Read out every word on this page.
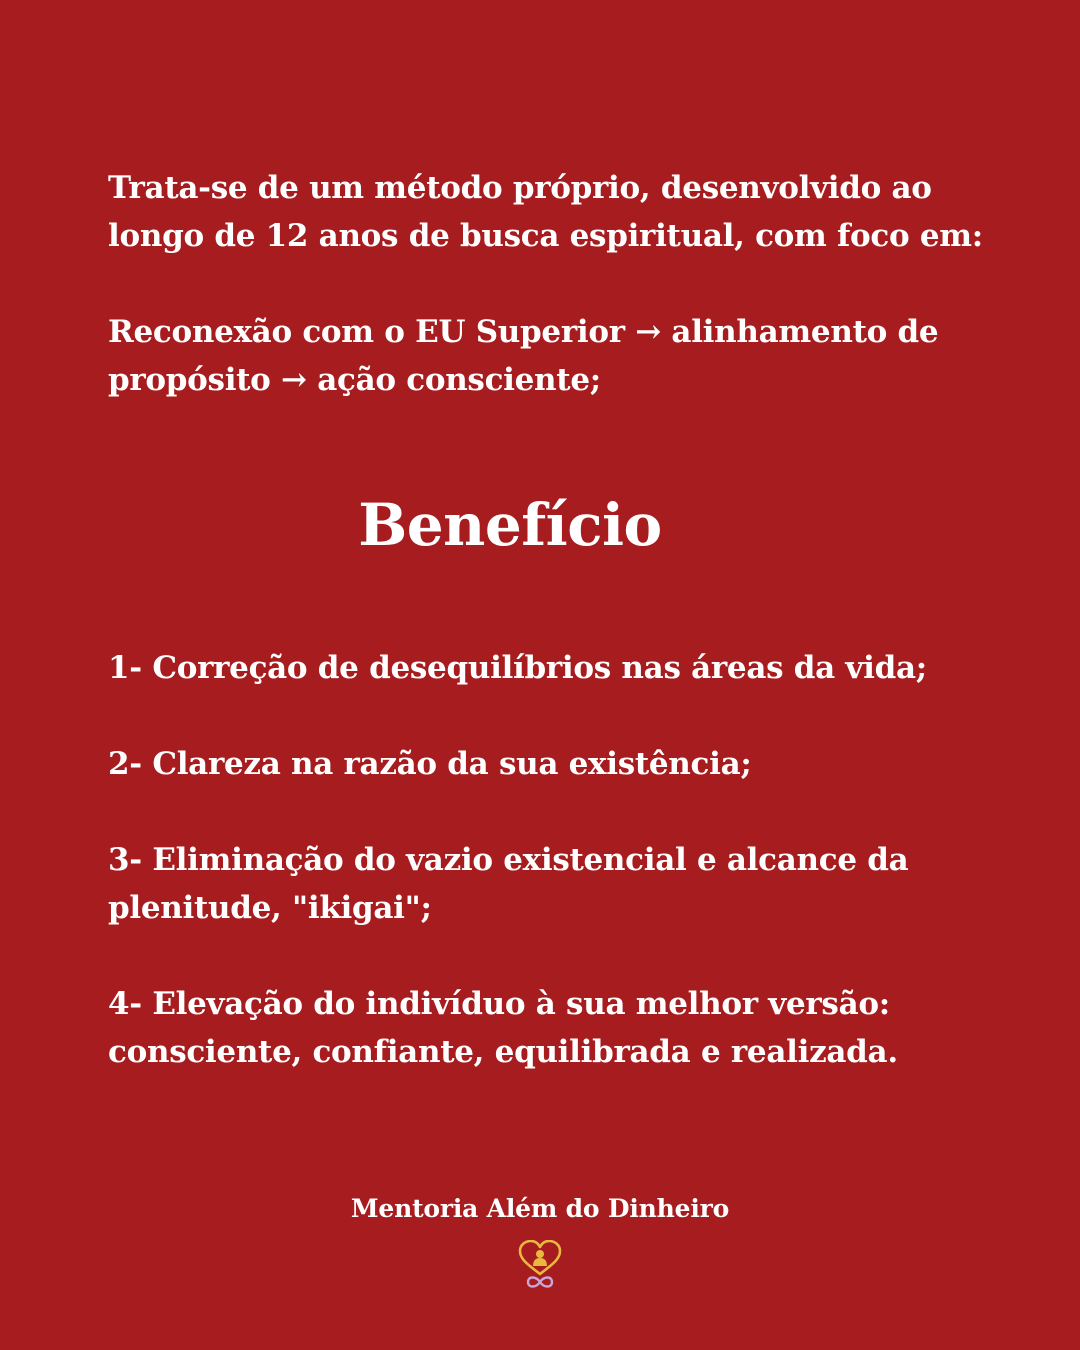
Trata-se de um método próprio, desenvolvido ao longo de 12 anos de busca espiritual, com foco em:

Reconexão com o EU Superior → alinhamento de propósito → ação consciente;

Benefício

1- Correção de desequilíbrios nas áreas da vida;

2- Clareza na razão da sua existência;

3- Eliminação do vazio existencial e alcance da plenitude, "ikigai";

4- Elevação do indivíduo à sua melhor versão: consciente, confiante, equilibrada e realizada.

Mentoria Além do Dinheiro
